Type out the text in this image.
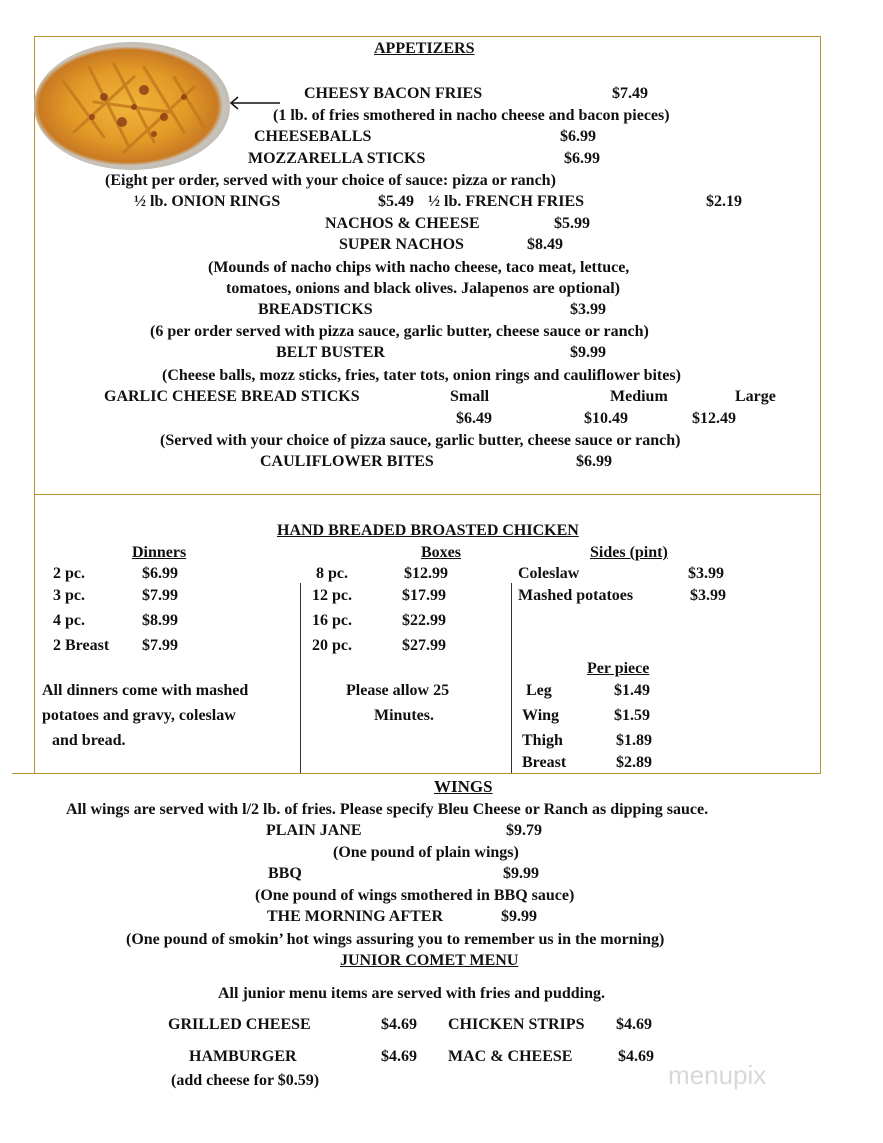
APPETIZERS
CHEESY BACON FRIES	$7.49
(1 lb. of fries smothered in nacho cheese and bacon pieces)
CHEESEBALLS	$6.99
MOZZARELLA STICKS	$6.99
(Eight per order, served with your choice of sauce: pizza or ranch)
½ lb. ONION RINGS	$5.49 ½ lb. FRENCH FRIES	$2.19
NACHOS & CHEESE	$5.99
SUPER NACHOS	$8.49
(Mounds of nacho chips with nacho cheese, taco meat, lettuce,
tomatoes, onions and black olives. Jalapenos are optional)
BREADSTICKS	$3.99
(6 per order served with pizza sauce, garlic butter, cheese sauce or ranch)
BELT BUSTER	$9.99
(Cheese balls, mozz sticks, fries, tater tots, onion rings and cauliflower bites)
GARLIC CHEESE BREAD STICKS	Small	Medium	Large
$6.49	$10.49	$12.49
(Served with your choice of pizza sauce, garlic butter, cheese sauce or ranch)
CAULIFLOWER BITES	$6.99
HAND BREADED BROASTED CHICKEN
Dinners	Boxes	Sides (pint)
2 pc.	$6.99
3 pc.	$7.99
4 pc.	$8.99
2 Breast $7.99
All dinners come with mashed
potatoes and gravy, coleslaw
and bread.
8 pc.	$12.99
12 pc.	$17.99
16 pc.	$22.99
20 pc.	$27.99
Please allow 25
Minutes.
Coleslaw	$3.99
Mashed potatoes	$3.99
Per piece
Leg	$1.49
Wing	$1.59
Thigh	$1.89
Breast	$2.89
WINGS
All wings are served with l/2 lb. of fries. Please specify Bleu Cheese or Ranch as dipping sauce.
PLAIN JANE	$9.79
(One pound of plain wings)
BBQ	$9.99
(One pound of wings smothered in BBQ sauce)
THE MORNING AFTER	$9.99
(One pound of smokin’ hot wings assuring you to remember us in the morning)
JUNIOR COMET MENU
All junior menu items are served with fries and pudding.
GRILLED CHEESE	$4.69 CHICKEN STRIPS $4.69
HAMBURGER	$4.69 MAC & CHEESE	$4.69
(add cheese for $0.59)	menupix
